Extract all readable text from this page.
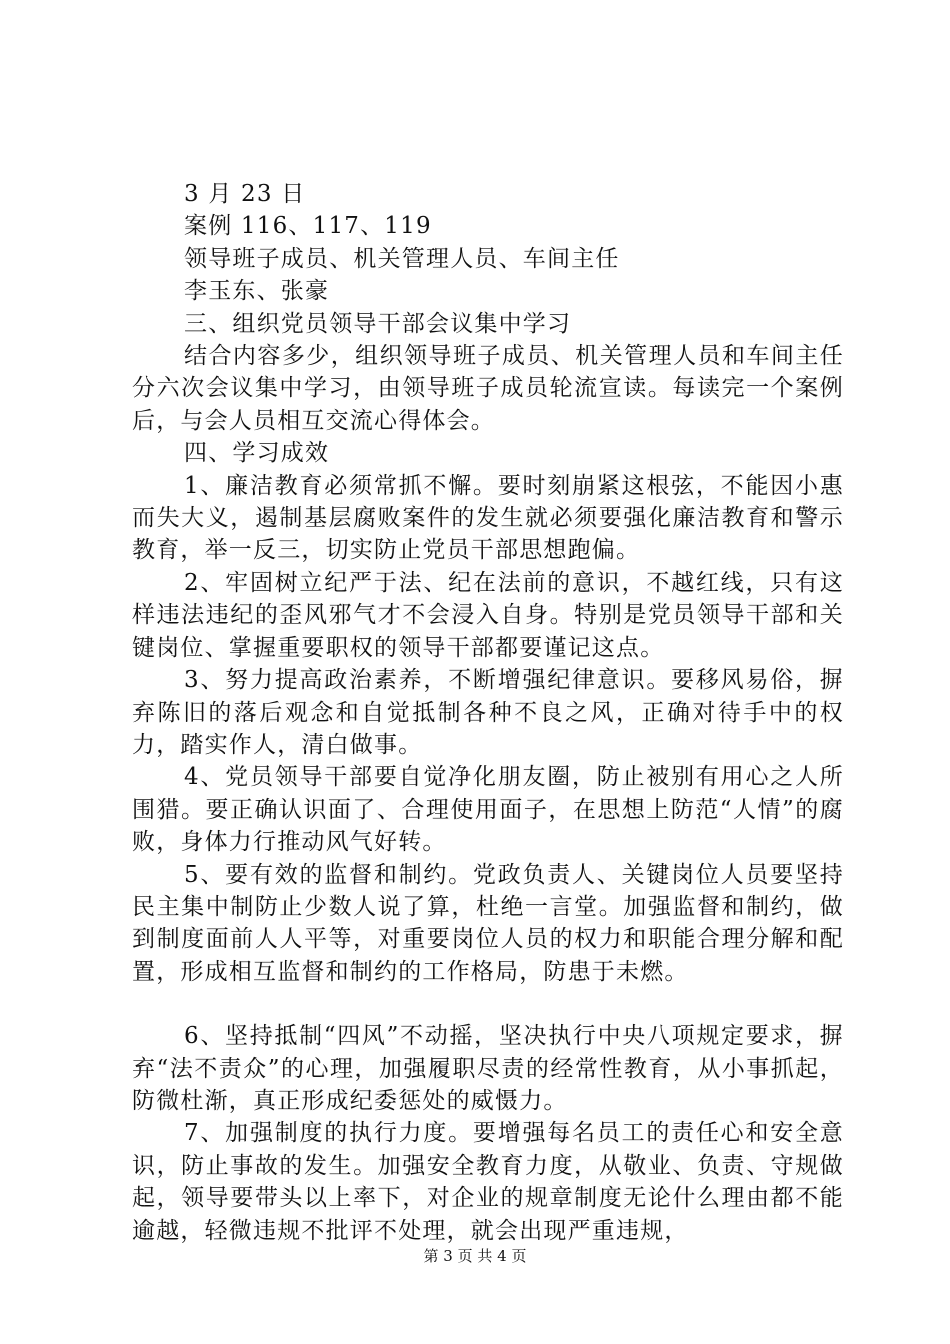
3 月 23 日

案例 116、117、119

领导班子成员、机关管理人员、车间主任

李玉东、张豪

三、组织党员领导干部会议集中学习

结合内容多少，组织领导班子成员、机关管理人员和车间主任分六次会议集中学习，由领导班子成员轮流宣读。每读完一个案例后，与会人员相互交流心得体会。

四、学习成效

1、廉洁教育必须常抓不懈。要时刻崩紧这根弦，不能因小惠而失大义，遏制基层腐败案件的发生就必须要强化廉洁教育和警示教育，举一反三，切实防止党员干部思想跑偏。

2、牢固树立纪严于法、纪在法前的意识，不越红线，只有这样违法违纪的歪风邪气才不会浸入自身。特别是党员领导干部和关键岗位、掌握重要职权的领导干部都要谨记这点。

3、努力提高政治素养，不断增强纪律意识。要移风易俗，摒弃陈旧的落后观念和自觉抵制各种不良之风，正确对待手中的权力，踏实作人，清白做事。

4、党员领导干部要自觉净化朋友圈，防止被别有用心之人所围猎。要正确认识面了、合理使用面子，在思想上防范“人情”的腐败，身体力行推动风气好转。

5、要有效的监督和制约。党政负责人、关键岗位人员要坚持民主集中制防止少数人说了算，杜绝一言堂。加强监督和制约，做到制度面前人人平等，对重要岗位人员的权力和职能合理分解和配置，形成相互监督和制约的工作格局，防患于未燃。

6、坚持抵制“四风”不动摇，坚决执行中央八项规定要求，摒弃“法不责众”的心理，加强履职尽责的经常性教育，从小事抓起，防微杜渐，真正形成纪委惩处的威慑力。

7、加强制度的执行力度。要增强每名员工的责任心和安全意识，防止事故的发生。加强安全教育力度，从敬业、负责、守规做起，领导要带头以上率下，对企业的规章制度无论什么理由都不能逾越，轻微违规不批评不处理，就会出现严重违规，

第 3 页 共 4 页
